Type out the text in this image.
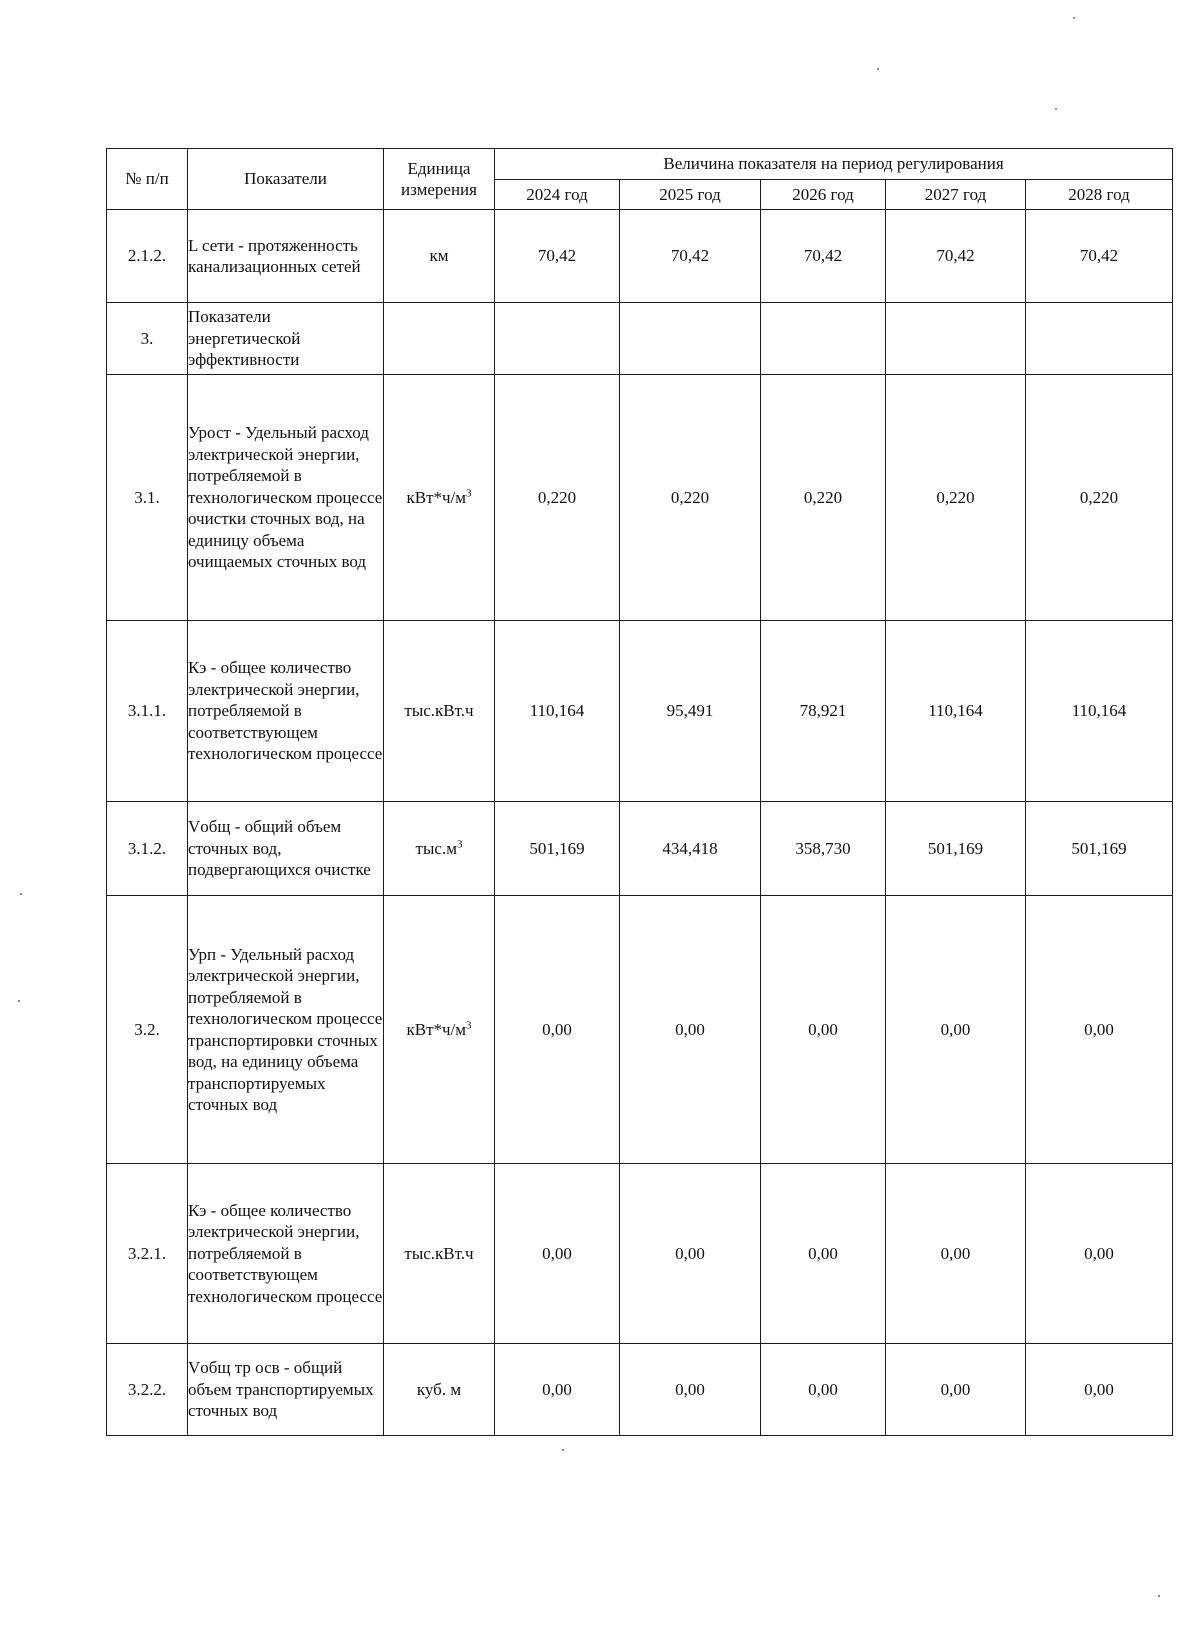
№ п/п	Показатели	Единица измерения	Величина показателя на период регулирования				
			2024 год	2025 год	2026 год	2027 год	2028 год
2.1.2.	L сети - протяженность канализационных сетей	км	70,42	70,42	70,42	70,42	70,42
3.	Показатели энергетической эффективности						
3.1.	Урост - Удельный расход электрической энергии, потребляемой в технологическом процессе очистки сточных вод, на единицу объема очищаемых сточных вод	$кВт*ч/м^3$	0,220	0,220	0,220	0,220	0,220
3.1.1.	Кэ - общее количество электрической энергии, потребляемой в соответствующем технологическом процессе	тыс.кВт.ч	110,164	95,491	78,921	110,164	110,164
3.1.2.	Vобщ - общий объем сточных вод, подвергающихся очистке	$тыс.м^3$	501,169	434,418	358,730	501,169	501,169
3.2.	Урп - Удельный расход электрической энергии, потребляемой в технологическом процессе транспортировки сточных вод, на единицу объема транспортируемых сточных вод	$кВт*ч/м^3$	0,00	0,00	0,00	0,00	0,00
3.2.1.	Кэ - общее количество электрической энергии, потребляемой в соответствующем технологическом процессе	тыс.кВт.ч	0,00	0,00	0,00	0,00	0,00
3.2.2.	Vобщ тр осв - общий объем транспортируемых сточных вод	куб. м	0,00	0,00	0,00	0,00	0,00
